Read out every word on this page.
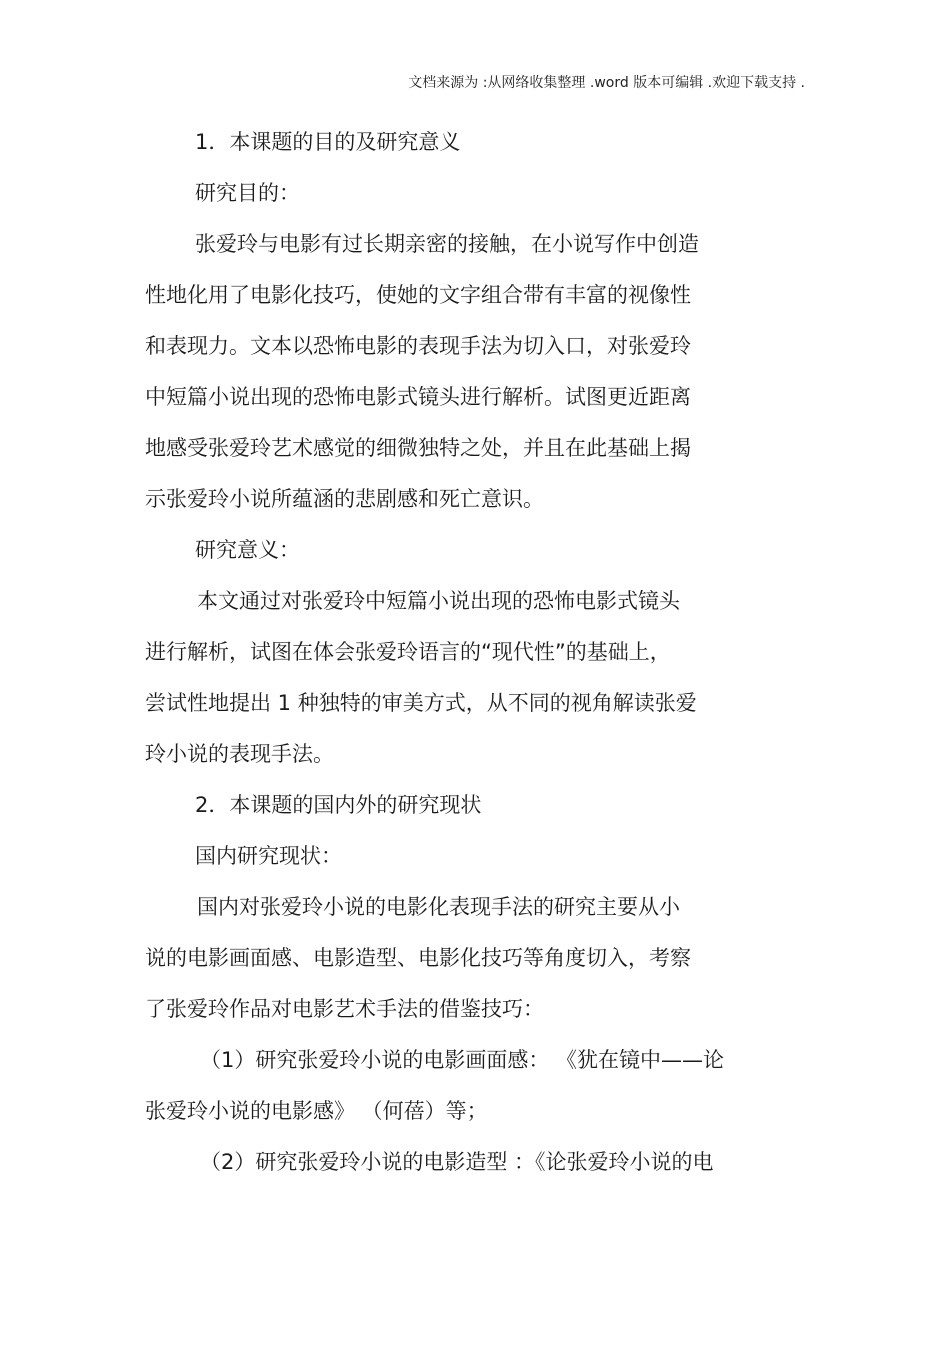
文档来源为 :从网络收集整理 .word 版本可编辑 .欢迎下载支持 .
1．本课题的目的及研究意义
研究目的：
张爱玲与电影有过长期亲密的接触，在小说写作中创造
性地化用了电影化技巧，使她的文字组合带有丰富的视像性
和表现力。文本以恐怖电影的表现手法为切入口，对张爱玲
中短篇小说出现的恐怖电影式镜头进行解析。试图更近距离
地感受张爱玲艺术感觉的细微独特之处，并且在此基础上揭
示张爱玲小说所蕴涵的悲剧感和死亡意识。
研究意义：
本文通过对张爱玲中短篇小说出现的恐怖电影式镜头
进行解析，试图在体会张爱玲语言的“现代性”的基础上，
尝试性地提出 1 种独特的审美方式，从不同的视角解读张爱
玲小说的表现手法。
2．本课题的国内外的研究现状
国内研究现状：
国内对张爱玲小说的电影化表现手法的研究主要从小
说的电影画面感、电影造型、电影化技巧等角度切入，考察
了张爱玲作品对电影艺术手法的借鉴技巧：
（1）研究张爱玲小说的电影画面感： 《犹在镜中——论
张爱玲小说的电影感》 （何蓓）等；
（2）研究张爱玲小说的电影造型 ：《论张爱玲小说的电
